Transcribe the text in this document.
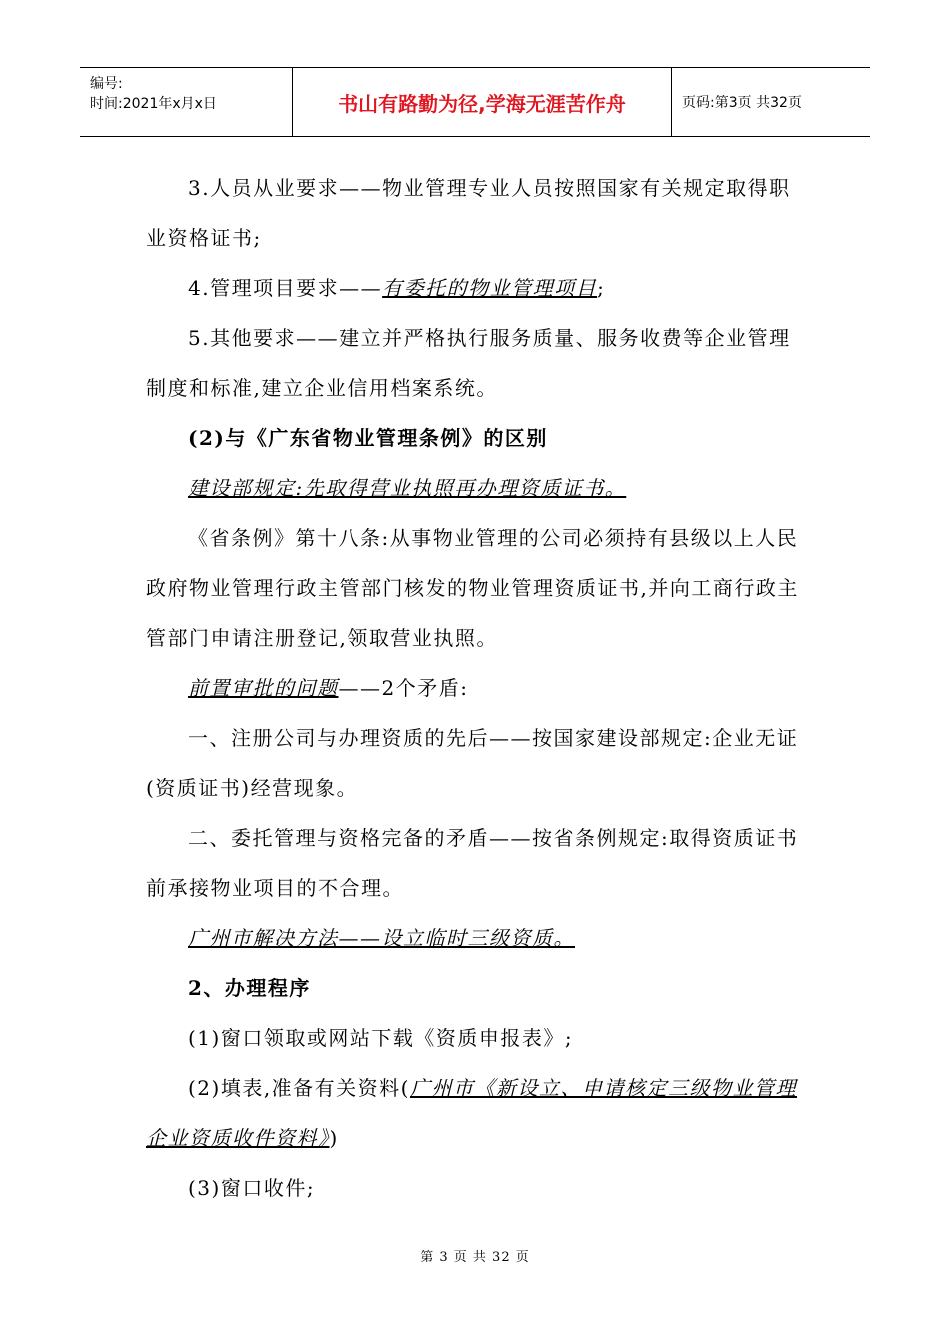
编号:
时间:2021年x月x日	书山有路勤为径,学海无涯苦作舟	页码:第3页 共32页

3.人员从业要求——物业管理专业人员按照国家有关规定取得职业资格证书;

4.管理项目要求——有委托的物业管理项目;

5.其他要求——建立并严格执行服务质量、服务收费等企业管理制度和标准,建立企业信用档案系统。

(2)与《广东省物业管理条例》的区别

建设部规定:先取得营业执照再办理资质证书。

《省条例》第十八条:从事物业管理的公司必须持有县级以上人民政府物业管理行政主管部门核发的物业管理资质证书,并向工商行政主管部门申请注册登记,领取营业执照。

前置审批的问题——2个矛盾:

一、注册公司与办理资质的先后——按国家建设部规定:企业无证(资质证书)经营现象。

二、委托管理与资格完备的矛盾——按省条例规定:取得资质证书前承接物业项目的不合理。

广州市解决方法——设立临时三级资质。

2、办理程序

(1)窗口领取或网站下载《资质申报表》;

(2)填表,准备有关资料(广州市《新设立、申请核定三级物业管理企业资质收件资料》)

(3)窗口收件;

第 3 页 共 32 页
